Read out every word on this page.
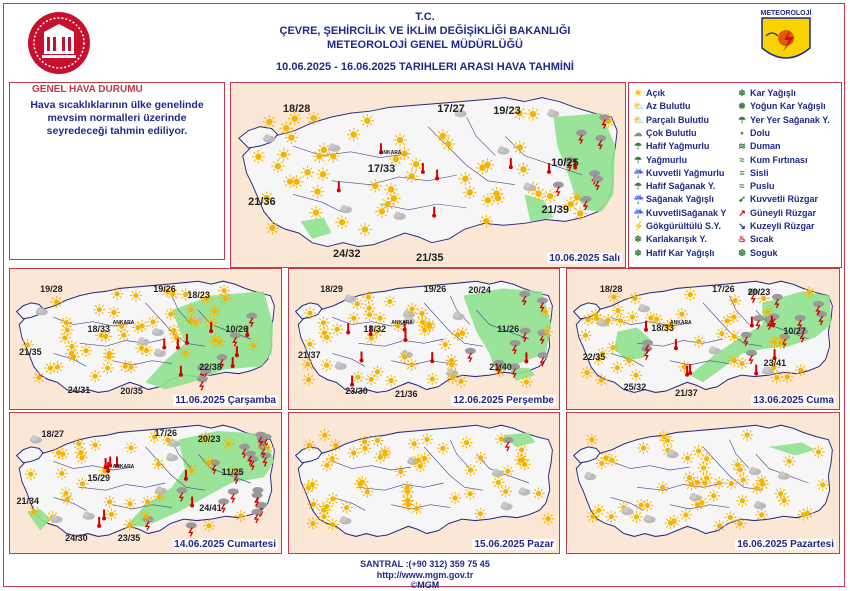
METEOROLOJİ
T.C.
ÇEVRE, ŞEHİRCİLİK VE İKLİM DEĞİŞİKLİĞİ BAKANLIĞI
METEOROLOJİ GENEL MÜDÜRLÜĞÜ
10.06.2025 - 16.06.2025 TARIHLERI ARASI HAVA TAHMİNİ
GENEL HAVA DURUMU
Hava sıcaklıklarının ülke genelinde mevsim normalleri üzerinde seyredeceği tahmin ediliyor.
18/28	17/27	19/23
17/33	10/25
21/36
21/39
24/32	21/35
ANKARA
10.06.2025 Salı
☀ Açık
⛅ Az Bulutlu
⛅ Parçalı Bulutlu
☁ Çok Bulutlu
☂ Hafif Yağmurlu
☂ Yağmurlu
☔ Kuvvetli Yağmurlu
☂ Hafif Sağanak Y.
☔ Sağanak Yağışlı
☔ KuvvetliSağanak Y
⚡ Gökgürültülü S.Y.
❄ Karlakarışık Y.
❄ Hafif Kar Yağışlı
❄ Kar Yağışlı
❅ Yoğun Kar Yağışlı
☂ Yer Yer Sağanak Y.
• Dolu
≋ Duman
≈ Kum Fırtınası
≡ Sisli
≈ Puslu
➶ Kuvvetli Rüzgar
↗ Güneyli Rüzgar
↘ Kuzeyli Rüzgar
♨ Sıcak
❆ Soguk
19/28	19/26
18/23
18/33	10/26
21/35
22/38
24/31	20/35
ANKARA
11.06.2025 Çarşamba
18/29	19/26 20/24
18/32	11/26
21/37
21/40
23/30	21/36
ANKARA
12.06.2025 Perşembe
18/28	17/26 20/23
18/33	10/27
22/35
23/41
25/32
21/37
ANKARA
13.06.2025 Cuma
18/27	17/26
20/23
15/29
11/25
21/34
24/41
24/30	23/35
ANKARA
14.06.2025 Cumartesi	15.06.2025 Pazar	16.06.2025 Pazartesi
SANTRAL :(+90 312) 359 75 45
http://www.mgm.gov.tr
©MGM
